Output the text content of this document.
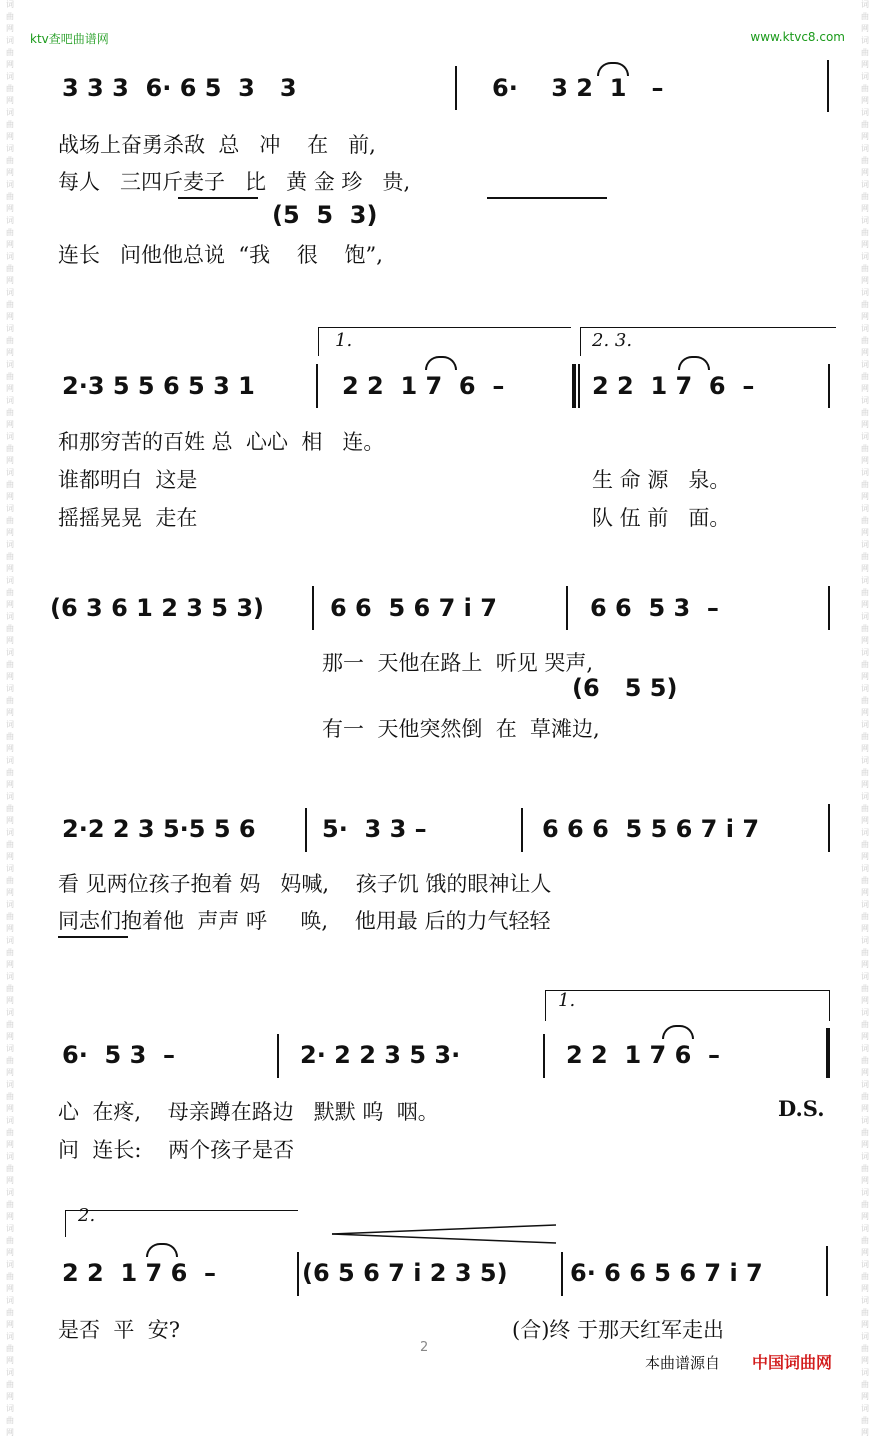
词
曲
网
词
曲
网
词
曲
网
词
曲
网
词
曲
网
词
曲
网
词
曲
网
词
曲
网
词
曲
网
词
曲
网
词
曲
网
词
曲
网
词
曲
网
词
曲
网
词
曲
网
词
曲
网
词
曲
网
词
曲
网
词
曲
网
词
曲
网
词
曲
网
词
曲
网
词
曲
网
词
曲
网
词
曲
网
词
曲
网
词
曲
网
词
曲
网
词
曲
网
词
曲
网
词
曲
网
词
曲
网
词
曲
网
词
曲
网
词
曲
网
词
曲
网
词
曲
网
词
曲
网
词
曲
网
词
曲
网
词
曲
网
词
曲
网
词
曲
网
词
曲
网
词
曲
网
词
曲
网
词
曲
网
词
曲
网
词
曲
网
词
曲
网
词
曲
网
词
曲
网
词
曲
网
词
曲
网
词
曲
网
词
曲
网
词
曲
网
词
曲
网
词
曲
网
词
曲
网
词
曲
网
词
曲
网
词
曲
网
词
曲
网
词
曲
网
词
曲
网
词
曲
网
词
曲
网
词
曲
网
词
曲
网
词
曲
网
词
曲
网
词
曲
网
词
曲
网
词
曲
网
词
曲
网
词
曲
网
词
曲
网
词
曲
网
词
曲
网
ktv查吧曲谱网	www.ktvc8.com
3 3 3  6· 6 5  3   3	6·    3 2  1   –
战场上奋勇杀敌  总   冲    在   前,
每人   三四斤麦子   比   黄 金 珍   贵,
(5  5  3)
连长   问他他总说  “我    很    饱”,
2·3 5 5 6 5 3 1	2 2  1 7  6  –	2 2  1 7  6  –
和那穷苦的百姓 总  心心  相   连。
谁都明白  这是	生 命 源   泉。
摇摇晃晃  走在	队 伍 前   面。
(6 3 6 1 2 3 5 3)	6 6  5 6 7 i 7	6 6  5 3  –
那一  天他在路上  听见 哭声,
(6   5 5)
有一  天他突然倒  在  草滩边,
2·2 2 3 5·5 5 6	5·  3 3 –	6 6 6  5 5 6 7 i 7
看 见两位孩子抱着 妈   妈喊,    孩子饥 饿的眼神让人
同志们抱着他  声声 呼     唤,    他用最 后的力气轻轻
6·  5 3  –	2· 2 2 3 5 3·	2 2  1 7 6  –
心  在疼,    母亲蹲在路边   默默 呜  咽。
问  连长:    两个孩子是否
2 2  1 7 6  –	(6 5 6 7 i 2 3 5)	6· 6 6 5 6 7 i 7
是否  平  安?	(合)终 于那天红军走出
1.	2. 3.
1.
2.
D.S.
2
本曲谱源自 中国词曲网
